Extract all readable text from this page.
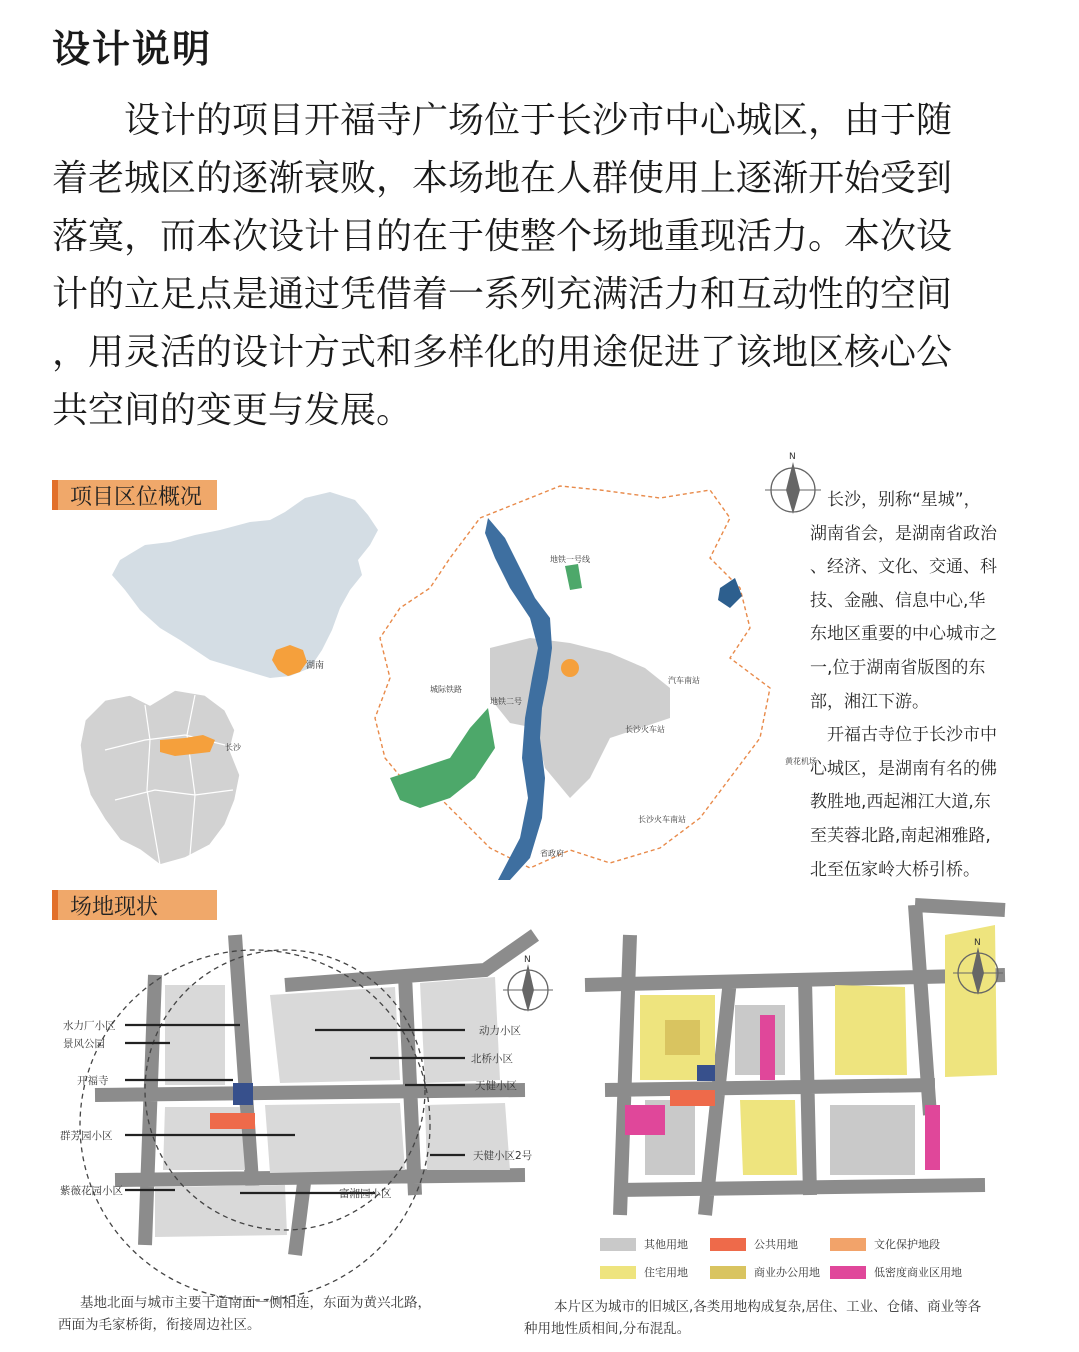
设计说明

　　设计的项目开福寺广场位于长沙市中心城区，由于随
着老城区的逐渐衰败，本场地在人群使用上逐渐开始受到
落寞，而本次设计目的在于使整个场地重现活力。本次设
计的立足点是通过凭借着一系列充满活力和互动性的空间
，用灵活的设计方式和多样化的用途促进了该地区核心公
共空间的变更与发展。

项目区位概况
湖南
长沙
地铁一号线
城际铁路
地铁二号
汽车南站
长沙火车站
黄花机场
长沙火车南站
省政府
N

　长沙，别称“星城”，
湖南省会，是湖南省政治
、经济、文化、交通、科
技、金融、信息中心,华
东地区重要的中心城市之
一,位于湖南省版图的东
部，湘江下游。
　开福古寺位于长沙市中
心城区，是湖南有名的佛
教胜地,西起湘江大道,东
至芙蓉北路,南起湘雅路,
北至伍家岭大桥引桥。

场地现状
水力厂小区
景风公园
开福寺
群芳园小区
紫薇花园小区
动力小区
北桥小区
天健小区
天健小区2号
富湘园小区
N
N
其他用地	公共用地	文化保护地段
住宅用地	商业办公用地	低密度商业区用地
基地北面与城市主要干道南面一侧相连，东面为黄兴北路，
西面为毛家桥街，衔接周边社区。
本片区为城市的旧城区,各类用地构成复杂,居住、工业、仓储、商业等各
种用地性质相间,分布混乱。
